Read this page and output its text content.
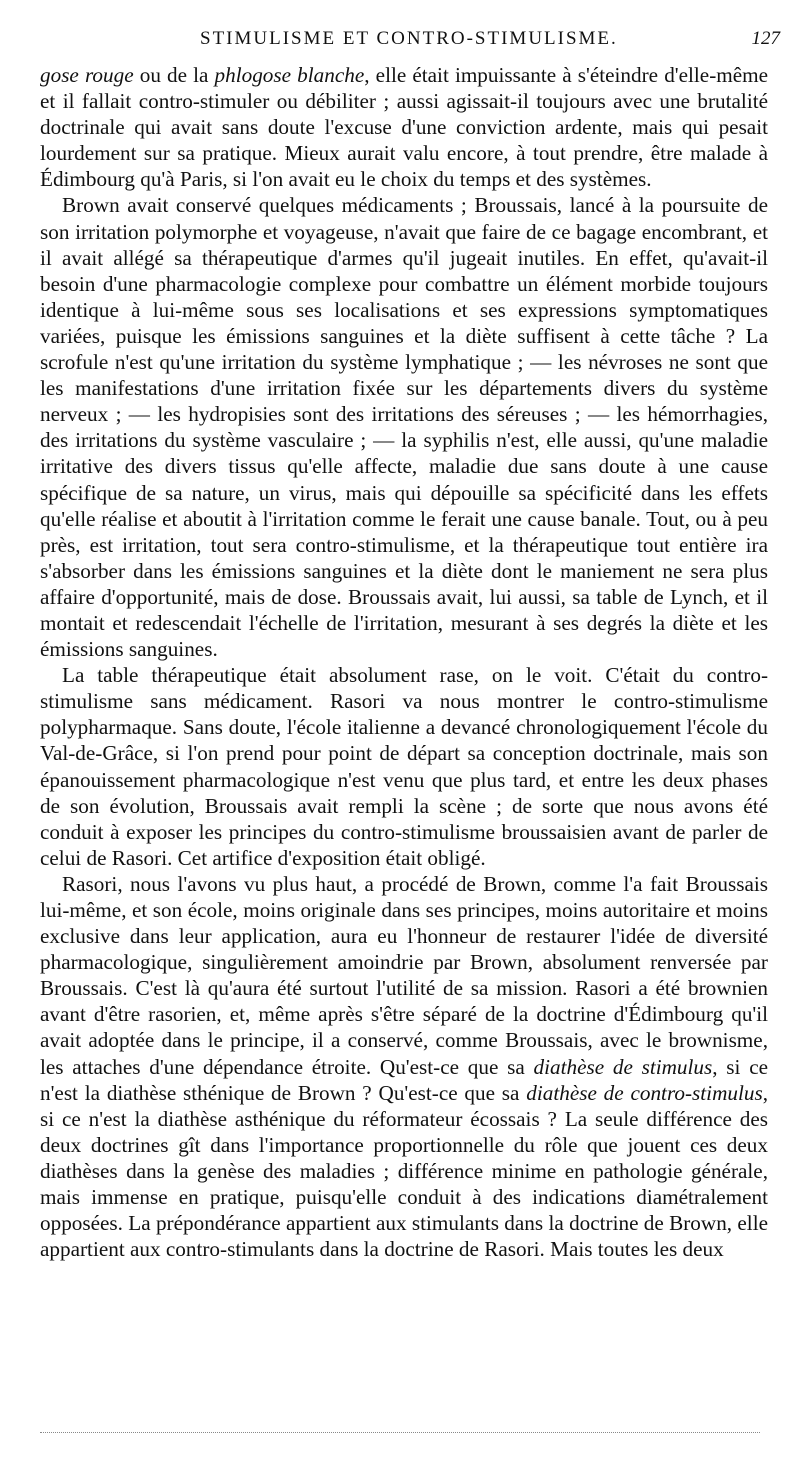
STIMULISME ET CONTRO-STIMULISME.	127

gose rouge ou de la phlogose blanche, elle était impuissante à s'éteindre d'elle-même et il fallait contro-stimuler ou débiliter ; aussi agissait-il toujours avec une brutalité doctrinale qui avait sans doute l'excuse d'une conviction ardente, mais qui pesait lourdement sur sa pratique. Mieux aurait valu encore, à tout prendre, être malade à Édimbourg qu'à Paris, si l'on avait eu le choix du temps et des systèmes.

Brown avait conservé quelques médicaments ; Broussais, lancé à la poursuite de son irritation polymorphe et voyageuse, n'avait que faire de ce bagage encombrant, et il avait allégé sa thérapeutique d'armes qu'il jugeait inutiles. En effet, qu'avait-il besoin d'une pharmacologie complexe pour combattre un élément morbide toujours identique à lui-même sous ses localisations et ses expressions symptomatiques variées, puisque les émissions sanguines et la diète suffisent à cette tâche ? La scrofule n'est qu'une irritation du système lymphatique ; — les névroses ne sont que les manifestations d'une irritation fixée sur les départements divers du système nerveux ; — les hydropisies sont des irritations des séreuses ; — les hémorrhagies, des irritations du système vasculaire ; — la syphilis n'est, elle aussi, qu'une maladie irritative des divers tissus qu'elle affecte, maladie due sans doute à une cause spécifique de sa nature, un virus, mais qui dépouille sa spécificité dans les effets qu'elle réalise et aboutit à l'irritation comme le ferait une cause banale. Tout, ou à peu près, est irritation, tout sera contro-stimulisme, et la thérapeutique tout entière ira s'absorber dans les émissions sanguines et la diète dont le maniement ne sera plus affaire d'opportunité, mais de dose. Broussais avait, lui aussi, sa table de Lynch, et il montait et redescendait l'échelle de l'irritation, mesurant à ses degrés la diète et les émissions sanguines.

La table thérapeutique était absolument rase, on le voit. C'était du contro-stimulisme sans médicament. Rasori va nous montrer le contro-stimulisme polypharmaque. Sans doute, l'école italienne a devancé chronologiquement l'école du Val-de-Grâce, si l'on prend pour point de départ sa conception doctrinale, mais son épanouissement pharmacologique n'est venu que plus tard, et entre les deux phases de son évolution, Broussais avait rempli la scène ; de sorte que nous avons été conduit à exposer les principes du contro-stimulisme broussaisien avant de parler de celui de Rasori. Cet artifice d'exposition était obligé.

Rasori, nous l'avons vu plus haut, a procédé de Brown, comme l'a fait Broussais lui-même, et son école, moins originale dans ses principes, moins autoritaire et moins exclusive dans leur application, aura eu l'honneur de restaurer l'idée de diversité pharmacologique, singulièrement amoindrie par Brown, absolument renversée par Broussais. C'est là qu'aura été surtout l'utilité de sa mission. Rasori a été brownien avant d'être rasorien, et, même après s'être séparé de la doctrine d'Édimbourg qu'il avait adoptée dans le principe, il a conservé, comme Broussais, avec le brownisme, les attaches d'une dépendance étroite. Qu'est-ce que sa diathèse de stimulus, si ce n'est la diathèse sthénique de Brown ? Qu'est-ce que sa diathèse de contro-stimulus, si ce n'est la diathèse asthénique du réformateur écossais ? La seule différence des deux doctrines gît dans l'importance proportionnelle du rôle que jouent ces deux diathèses dans la genèse des maladies ; différence minime en pathologie générale, mais immense en pratique, puisqu'elle conduit à des indications diamétralement opposées. La prépondérance appartient aux stimulants dans la doctrine de Brown, elle appartient aux contro-stimulants dans la doctrine de Rasori. Mais toutes les deux
